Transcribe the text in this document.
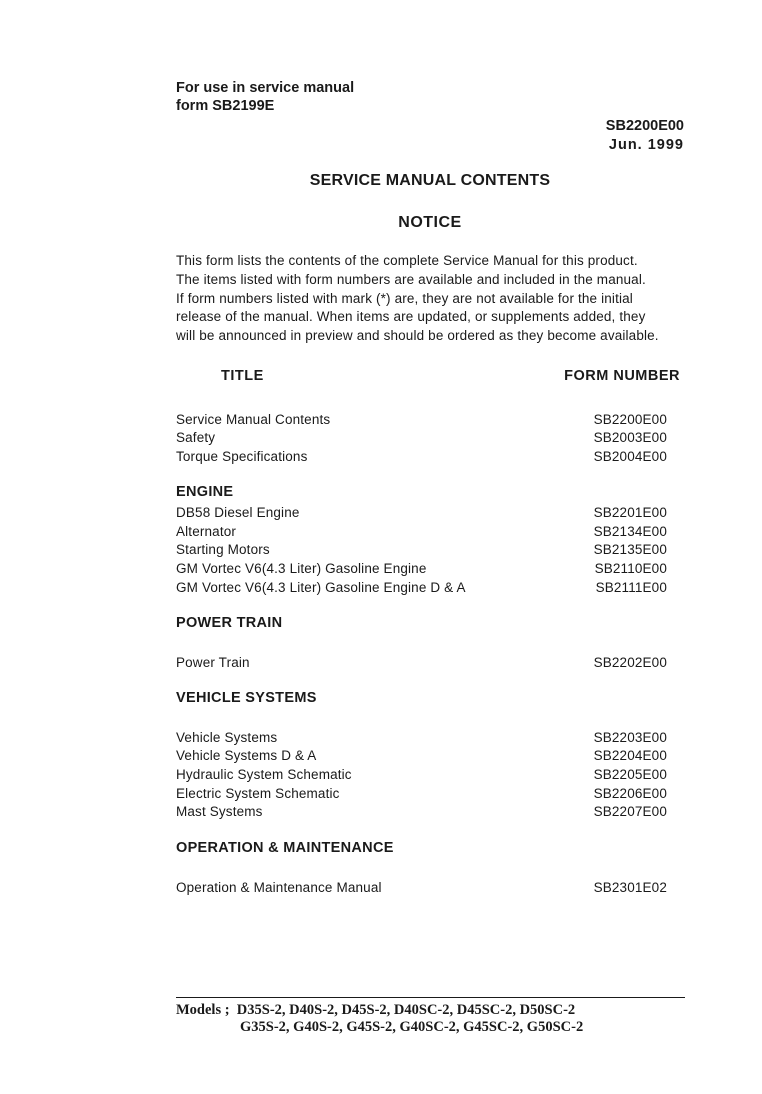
For use in service manual
form SB2199E
SB2200E00
Jun. 1999
SERVICE MANUAL CONTENTS
NOTICE
This form lists the contents of the complete Service Manual for this product.
The items listed with form numbers are available and included in the manual.
If form numbers listed with mark (*) are, they are not available for the initial
release of the manual. When items are updated, or supplements added, they
will be announced in preview and should be ordered as they become available.
TITLE	FORM NUMBER
Service Manual Contents	SB2200E00
Safety	SB2003E00
Torque Specifications	SB2004E00
ENGINE
DB58 Diesel Engine	SB2201E00
Alternator	SB2134E00
Starting Motors	SB2135E00
GM Vortec V6(4.3 Liter) Gasoline Engine	SB2110E00
GM Vortec V6(4.3 Liter) Gasoline Engine D & A	SB2111E00
POWER TRAIN
Power Train	SB2202E00
VEHICLE SYSTEMS
Vehicle Systems	SB2203E00
Vehicle Systems D & A	SB2204E00
Hydraulic System Schematic	SB2205E00
Electric System Schematic	SB2206E00
Mast Systems	SB2207E00
OPERATION & MAINTENANCE
Operation & Maintenance Manual	SB2301E02
Models ;  D35S-2, D40S-2, D45S-2, D40SC-2, D45SC-2, D50SC-2
G35S-2, G40S-2, G45S-2, G40SC-2, G45SC-2, G50SC-2
